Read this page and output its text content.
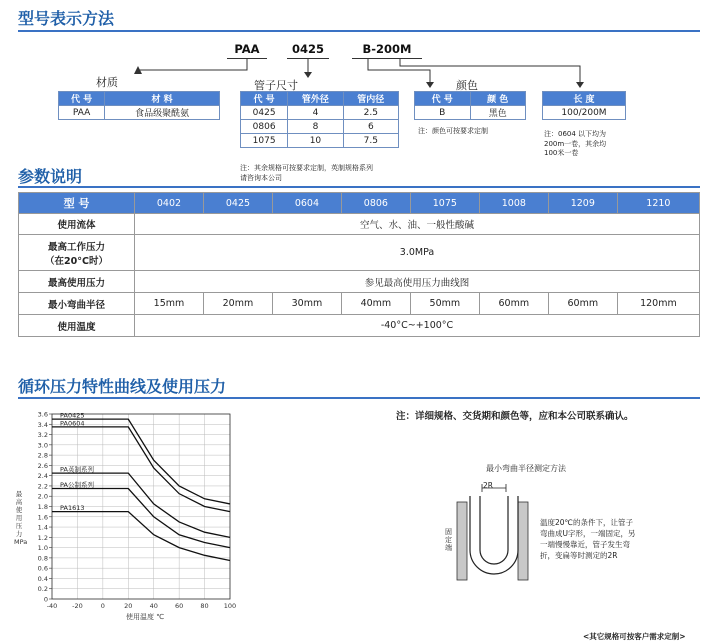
型号表示方法
PAA	0425	B-200M
材质
代 号	材 料
PAA	食品级聚酰氨
管子尺寸
代 号	管外径	管内径
0425	4	2.5
0806	8	6
1075	10	7.5
注：其余规格可按要求定制，英制规格系列
请咨询本公司
颜色
代 号	颜 色
B	黑色
注：颜色可按要求定制
长 度
100/200M
注：0604 以下均为
200m一卷，其余均
100米一卷
参数说明
型 号	0402	0425	0604	0806	1075	1008	1209	1210
使用流体	空气、水、油、一般性酸碱							

最高工作压力
（在20°C时）	3.0MPa							
最高使用压力	参见最高使用压力曲线图							
最小弯曲半径	15mm	20mm	30mm	40mm	50mm	60mm	60mm	120mm
使用温度	-40°C~+100°C							
循环压力特性曲线及使用压力
0
0.2
0.4
0.6
0.8
1.0
1.2
1.4
1.6
1.8
2.0
2.2
2.4
2.6
2.8
3.0
3.2
3.4
3.6
-40 -20	0	20	40	60	80 100
PA0425
PA0604
PA英制系列
PA公制系列
PA1613
最高使用压力MPa
使用温度 ℃
注：详细规格、交货期和颜色等，应和本公司联系确认。
最小弯曲半径测定方法
2R
固定端
温度20℃的条件下，让管子
弯曲成U字形，一端固定，另
一端慢慢靠近，管子发生弯
折，变扁等时测定的2R
<其它规格可按客户需求定制>
